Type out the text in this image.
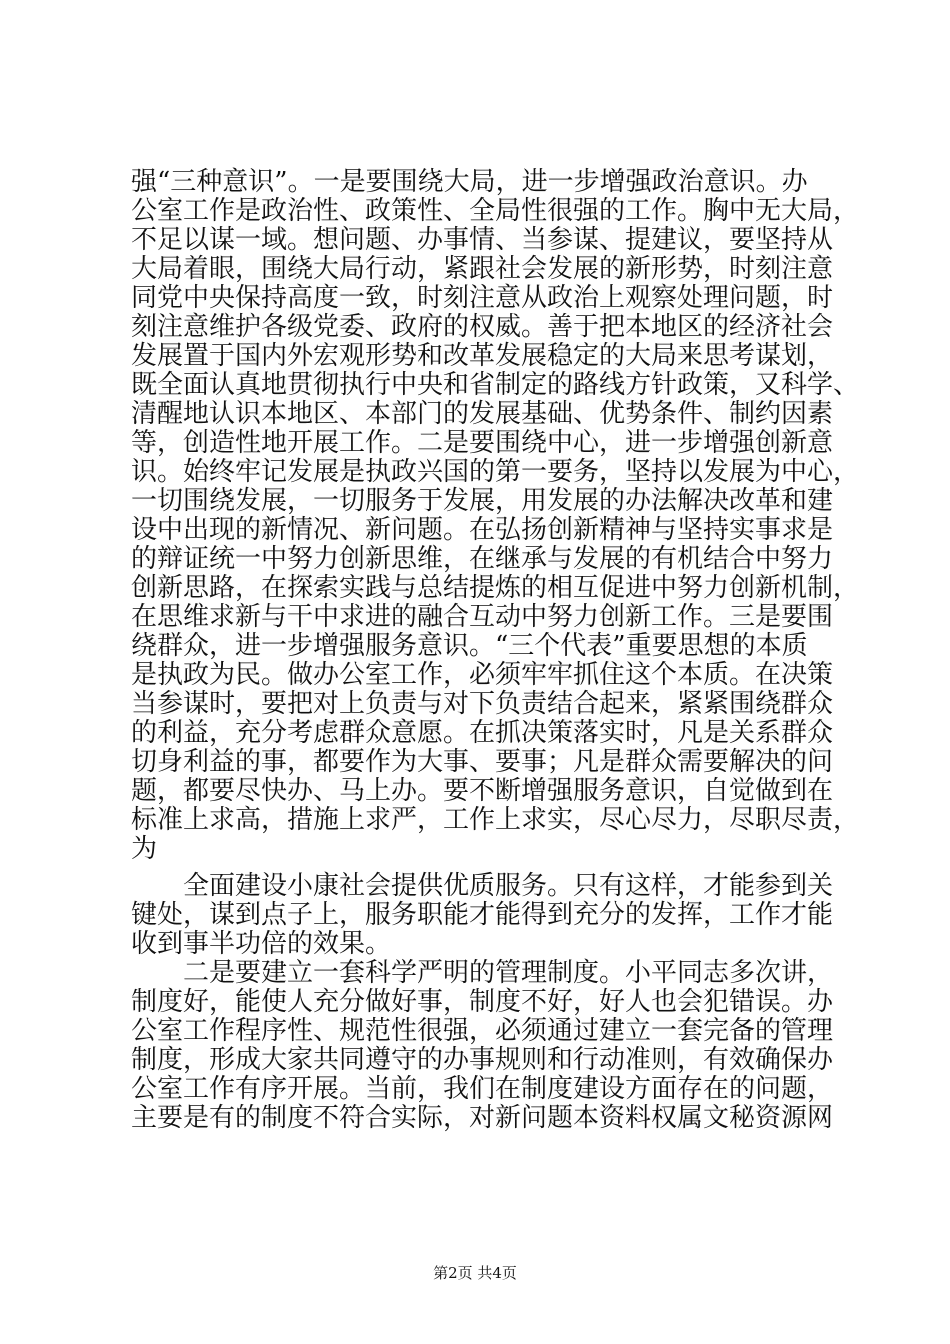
强“三种意识”。一是要围绕大局，进一步增强政治意识。办
公室工作是政治性、政策性、全局性很强的工作。胸中无大局，
不足以谋一域。想问题、办事情、当参谋、提建议，要坚持从
大局着眼，围绕大局行动，紧跟社会发展的新形势，时刻注意
同党中央保持高度一致，时刻注意从政治上观察处理问题，时
刻注意维护各级党委、政府的权威。善于把本地区的经济社会
发展置于国内外宏观形势和改革发展稳定的大局来思考谋划，
既全面认真地贯彻执行中央和省制定的路线方针政策，又科学、
清醒地认识本地区、本部门的发展基础、优势条件、制约因素
等，创造性地开展工作。二是要围绕中心，进一步增强创新意
识。始终牢记发展是执政兴国的第一要务，坚持以发展为中心，
一切围绕发展，一切服务于发展，用发展的办法解决改革和建
设中出现的新情况、新问题。在弘扬创新精神与坚持实事求是
的辩证统一中努力创新思维，在继承与发展的有机结合中努力
创新思路，在探索实践与总结提炼的相互促进中努力创新机制，
在思维求新与干中求进的融合互动中努力创新工作。三是要围
绕群众，进一步增强服务意识。“三个代表”重要思想的本质
是执政为民。做办公室工作，必须牢牢抓住这个本质。在决策
当参谋时，要把对上负责与对下负责结合起来，紧紧围绕群众
的利益，充分考虑群众意愿。在抓决策落实时，凡是关系群众
切身利益的事，都要作为大事、要事；凡是群众需要解决的问
题，都要尽快办、马上办。要不断增强服务意识，自觉做到在
标准上求高，措施上求严，工作上求实，尽心尽力，尽职尽责，
为
全面建设小康社会提供优质服务。只有这样，才能参到关
键处，谋到点子上，服务职能才能得到充分的发挥，工作才能
收到事半功倍的效果。
二是要建立一套科学严明的管理制度。小平同志多次讲，
制度好，能使人充分做好事，制度不好，好人也会犯错误。办
公室工作程序性、规范性很强，必须通过建立一套完备的管理
制度，形成大家共同遵守的办事规则和行动准则，有效确保办
公室工作有序开展。当前，我们在制度建设方面存在的问题，
主要是有的制度不符合实际，对新问题本资料权属文秘资源网
第2页 共4页
